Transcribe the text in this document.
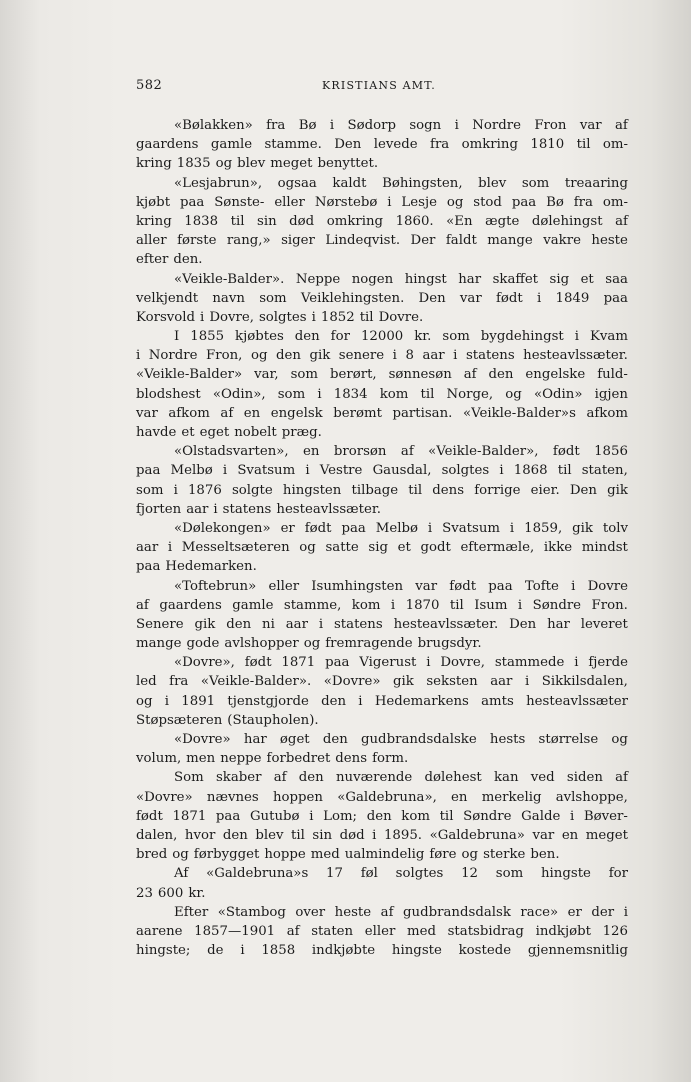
582	KRISTIANS AMT.
«Bølakken» fra Bø i Sødorp sogn i Nordre Fron var af
gaardens gamle stamme. Den levede fra omkring 1810 til om-
kring 1835 og blev meget benyttet.
«Lesjabrun», ogsaa kaldt Bøhingsten, blev som treaaring
kjøbt paa Sønste- eller Nørstebø i Lesje og stod paa Bø fra om-
kring 1838 til sin død omkring 1860. «En ægte dølehingst af
aller første rang,» siger Lindeqvist. Der faldt mange vakre heste
efter den.
«Veikle-Balder». Neppe nogen hingst har skaffet sig et saa
velkjendt navn som Veiklehingsten. Den var født i 1849 paa
Korsvold i Dovre, solgtes i 1852 til Dovre.
I 1855 kjøbtes den for 12000 kr. som bygdehingst i Kvam
i Nordre Fron, og den gik senere i 8 aar i statens hesteavlssæter.
«Veikle-Balder» var, som berørt, sønnesøn af den engelske fuld-
blodshest «Odin», som i 1834 kom til Norge, og «Odin» igjen
var afkom af en engelsk berømt partisan. «Veikle-Balder»s afkom
havde et eget nobelt præg.
«Olstadsvarten», en brorsøn af «Veikle-Balder», født 1856
paa Melbø i Svatsum i Vestre Gausdal, solgtes i 1868 til staten,
som i 1876 solgte hingsten tilbage til dens forrige eier. Den gik
fjorten aar i statens hesteavlssæter.
«Dølekongen» er født paa Melbø i Svatsum i 1859, gik tolv
aar i Messeltsæteren og satte sig et godt eftermæle, ikke mindst
paa Hedemarken.
«Toftebrun» eller Isumhingsten var født paa Tofte i Dovre
af gaardens gamle stamme, kom i 1870 til Isum i Søndre Fron.
Senere gik den ni aar i statens hesteavlssæter. Den har leveret
mange gode avlshopper og fremragende brugsdyr.
«Dovre», født 1871 paa Vigerust i Dovre, stammede i fjerde
led fra «Veikle-Balder». «Dovre» gik seksten aar i Sikkilsdalen,
og i 1891 tjenstgjorde den i Hedemarkens amts hesteavlssæter
Støpsæteren (Staupholen).
«Dovre» har øget den gudbrandsdalske hests størrelse og
volum, men neppe forbedret dens form.
Som skaber af den nuværende dølehest kan ved siden af
«Dovre» nævnes hoppen «Galdebruna», en merkelig avlshoppe,
født 1871 paa Gutubø i Lom; den kom til Søndre Galde i Bøver-
dalen, hvor den blev til sin død i 1895. «Galdebruna» var en meget
bred og førbygget hoppe med ualmindelig føre og sterke ben.
Af «Galdebruna»s 17 føl solgtes 12 som hingste for
23 600 kr.
Efter «Stambog over heste af gudbrandsdalsk race» er der i
aarene 1857—1901 af staten eller med statsbidrag indkjøbt 126
hingste; de i 1858 indkjøbte hingste kostede gjennemsnitlig
